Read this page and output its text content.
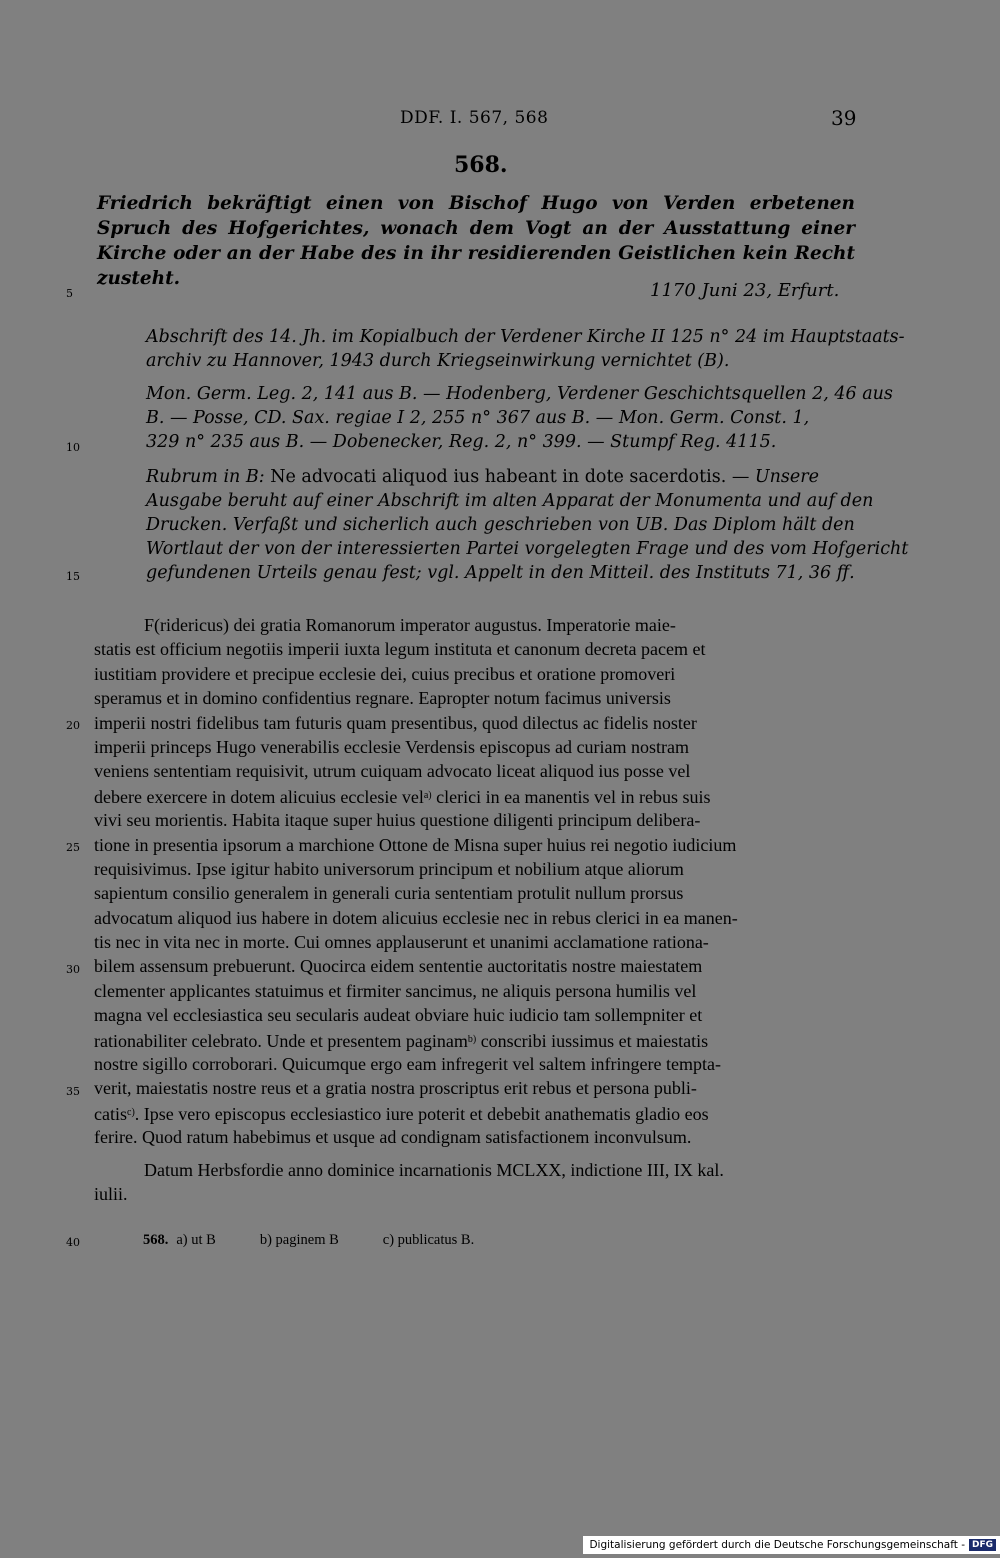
DDF. I. 567, 568	39
568.
Friedrich bekräftigt einen von Bischof Hugo von Verden erbetenen Spruch des Hofgerichtes, wonach dem Vogt an der Ausstattung einer Kirche oder an der Habe des in ihr residierenden Geistlichen kein Recht zusteht.
1170 Juni 23, Erfurt.
5
10
15
20
25
30
35
40
Abschrift des 14. Jh. im Kopialbuch der Verdener Kirche II 125 n° 24 im Hauptstaats-
archiv zu Hannover, 1943 durch Kriegseinwirkung vernichtet (B).
Mon. Germ. Leg. 2, 141 aus B. — Hodenberg, Verdener Geschichtsquellen 2, 46 aus
B. — Posse, CD. Sax. regiae I 2, 255 n° 367 aus B. — Mon. Germ. Const. 1,
329 n° 235 aus B. — Dobenecker, Reg. 2, n° 399. — Stumpf Reg. 4115.
Rubrum in B: Ne advocati aliquod ius habeant in dote sacerdotis. — Unsere
Ausgabe beruht auf einer Abschrift im alten Apparat der Monumenta und auf den
Drucken. Verfaßt und sicherlich auch geschrieben von UB. Das Diplom hält den
Wortlaut der von der interessierten Partei vorgelegten Frage und des vom Hofgericht
gefundenen Urteils genau fest; vgl. Appelt in den Mitteil. des Instituts 71, 36 ff.
F(ridericus) dei gratia Romanorum imperator augustus. Imperatorie maie-
statis est officium negotiis imperii iuxta legum instituta et canonum decreta pacem et
iustitiam providere et precipue ecclesie dei, cuius precibus et oratione promoveri
speramus et in domino confidentius regnare. Eapropter notum facimus universis
imperii nostri fidelibus tam futuris quam presentibus, quod dilectus ac fidelis noster
imperii princeps Hugo venerabilis ecclesie Verdensis episcopus ad curiam nostram
veniens sententiam requisivit, utrum cuiquam advocato liceat aliquod ius posse vel
debere exercere in dotem alicuius ecclesie vel$^{a)}$ clerici in ea manentis vel in rebus suis
vivi seu morientis. Habita itaque super huius questione diligenti principum delibera-
tione in presentia ipsorum a marchione Ottone de Misna super huius rei negotio iudicium
requisivimus. Ipse igitur habito universorum principum et nobilium atque aliorum
sapientum consilio generalem in generali curia sententiam protulit nullum prorsus
advocatum aliquod ius habere in dotem alicuius ecclesie nec in rebus clerici in ea manen-
tis nec in vita nec in morte. Cui omnes applauserunt et unanimi acclamatione rationa-
bilem assensum prebuerunt. Quocirca eidem sententie auctoritatis nostre maiestatem
clementer applicantes statuimus et firmiter sancimus, ne aliquis persona humilis vel
magna vel ecclesiastica seu secularis audeat obviare huic iudicio tam sollempniter et
rationabiliter celebrato. Unde et presentem paginam$^{b)}$ conscribi iussimus et maiestatis
nostre sigillo corroborari. Quicumque ergo eam infregerit vel saltem infringere tempta-
verit, maiestatis nostre reus et a gratia nostra proscriptus erit rebus et persona publi-
catis$^{c)}$. Ipse vero episcopus ecclesiastico iure poterit et debebit anathematis gladio eos
ferire. Quod ratum habebimus et usque ad condignam satisfactionem inconvulsum.
Datum Herbsfordie anno dominice incarnationis MCLXX, indictione III, IX kal.
iulii.
568. a) ut B	b) paginem B	c) publicatus B.
Digitalisierung gefördert durch die Deutsche Forschungsgemeinschaft - DFG
